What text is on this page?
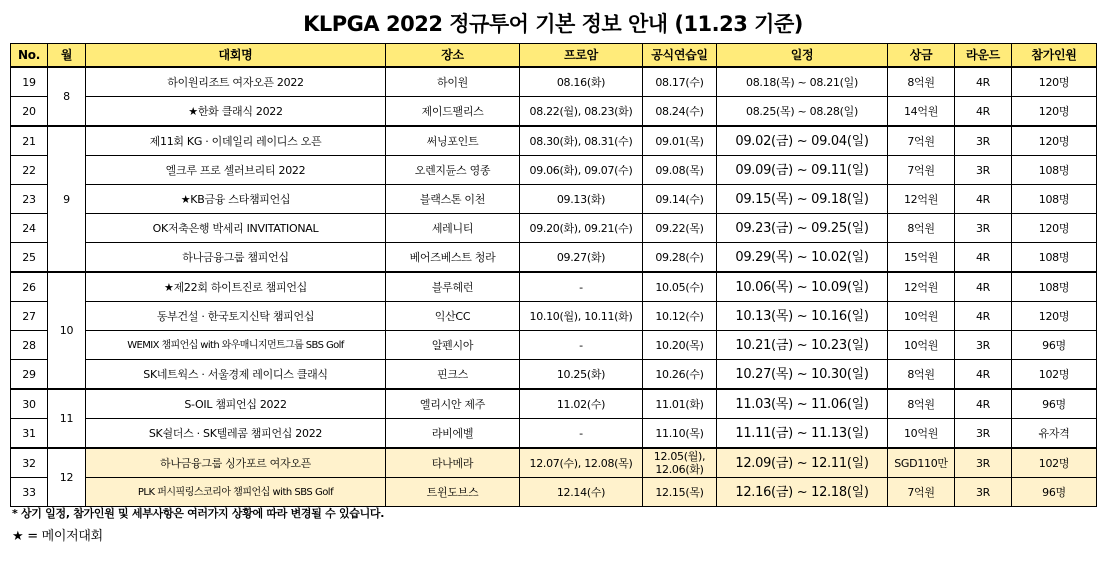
KLPGA 2022 정규투어 기본 정보 안내 (11.23 기준)
No.	월	대회명	장소	프로암	공식연습일	일정	상금	라운드	참가인원
19	8	하이원리조트 여자오픈 2022	하이원	08.16(화)	08.17(수)	08.18(목) ~ 08.21(일)	8억원	4R	120명
20		★한화 클래식 2022	제이드팰리스	08.22(월), 08.23(화)	08.24(수)	08.25(목) ~ 08.28(일)	14억원	4R	120명
21	9	제11회 KG · 이데일리 레이디스 오픈	써닝포인트	08.30(화), 08.31(수)	09.01(목)	09.02(금) ~ 09.04(일)	7억원	3R	120명
22		엘크루 프로 셀러브리티 2022	오렌지듄스 영종	09.06(화), 09.07(수)	09.08(목)	09.09(금) ~ 09.11(일)	7억원	3R	108명
23		★KB금융 스타챔피언십	블랙스톤 이천	09.13(화)	09.14(수)	09.15(목) ~ 09.18(일)	12억원	4R	108명
24		OK저축은행 박세리 INVITATIONAL	세레니티	09.20(화), 09.21(수)	09.22(목)	09.23(금) ~ 09.25(일)	8억원	3R	120명
25		하나금융그룹 챔피언십	베어즈베스트 청라	09.27(화)	09.28(수)	09.29(목) ~ 10.02(일)	15억원	4R	108명
26	10	★제22회 하이트진로 챔피언십	블루헤런	-	10.05(수)	10.06(목) ~ 10.09(일)	12억원	4R	108명
27		동부건설 · 한국토지신탁 챔피언십	익산CC	10.10(월), 10.11(화)	10.12(수)	10.13(목) ~ 10.16(일)	10억원	4R	120명
28		WEMIX 챔피언십 with 와우매니지먼트그룹 SBS Golf	알펜시아	-	10.20(목)	10.21(금) ~ 10.23(일)	10억원	3R	96명
29		SK네트웍스 · 서울경제 레이디스 클래식	핀크스	10.25(화)	10.26(수)	10.27(목) ~ 10.30(일)	8억원	4R	102명
30	11	S-OIL 챔피언십 2022	엘리시안 제주	11.02(수)	11.01(화)	11.03(목) ~ 11.06(일)	8억원	4R	96명
31		SK쉴더스 · SK텔레콤 챔피언십 2022	라비에벨	-	11.10(목)	11.11(금) ~ 11.13(일)	10억원	3R	유자격
32	12	하나금융그룹 싱가포르 여자오픈	타나메라	12.07(수), 12.08(목)	12.05(월),
12.06(화)	12.09(금) ~ 12.11(일)	SGD110만	3R	102명
33		PLK 퍼시픽링스코리아 챔피언십 with SBS Golf	트윈도브스	12.14(수)	12.15(목)	12.16(금) ~ 12.18(일)	7억원	3R	96명
* 상기 일정, 참가인원 및 세부사항은 여러가지 상황에 따라 변경될 수 있습니다.
★ = 메이저대회
